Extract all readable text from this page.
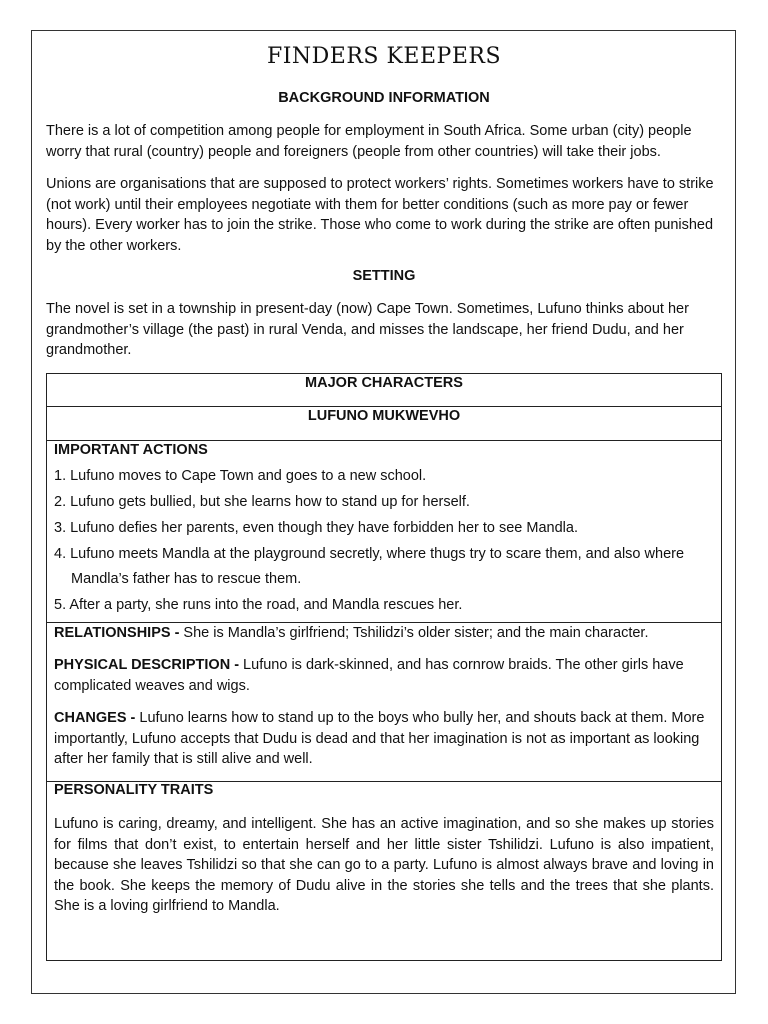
FINDERS KEEPERS
BACKGROUND INFORMATION

There is a lot of competition among people for employment in South Africa. Some urban (city) people worry that rural (country) people and foreigners (people from other countries) will take their jobs.

Unions are organisations that are supposed to protect workers’ rights. Sometimes workers have to strike (not work) until their employees negotiate with them for better conditions (such as more pay or fewer hours). Every worker has to join the strike. Those who come to work during the strike are often punished by the other workers.

SETTING

The novel is set in a township in present-day (now) Cape Town. Sometimes, Lufuno thinks about her grandmother’s village (the past) in rural Venda, and misses the landscape, her friend Dudu, and her grandmother.

MAJOR CHARACTERS
LUFUNO MUKWEVHO
IMPORTANT ACTIONS
1. Lufuno moves to Cape Town and goes to a new school.
2. Lufuno gets bullied, but she learns how to stand up for herself.
3. Lufuno defies her parents, even though they have forbidden her to see Mandla.
4. Lufuno meets Mandla at the playground secretly, where thugs try to scare them, and also where
Mandla’s father has to rescue them.
5. After a party, she runs into the road, and Mandla rescues her.

RELATIONSHIPS - She is Mandla’s girlfriend; Tshilidzi’s older sister; and the main character.

PHYSICAL DESCRIPTION - Lufuno is dark-skinned, and has cornrow braids. The other girls have complicated weaves and wigs.

CHANGES - Lufuno learns how to stand up to the boys who bully her, and shouts back at them. More importantly, Lufuno accepts that Dudu is dead and that her imagination is not as important as looking after her family that is still alive and well.

PERSONALITY TRAITS

Lufuno is caring, dreamy, and intelligent. She has an active imagination, and so she makes up stories for films that don’t exist, to entertain herself and her little sister Tshilidzi. Lufuno is also impatient, because she leaves Tshilidzi so that she can go to a party. Lufuno is almost always brave and loving in the book. She keeps the memory of Dudu alive in the stories she tells and the trees that she plants. She is a loving girlfriend to Mandla.
